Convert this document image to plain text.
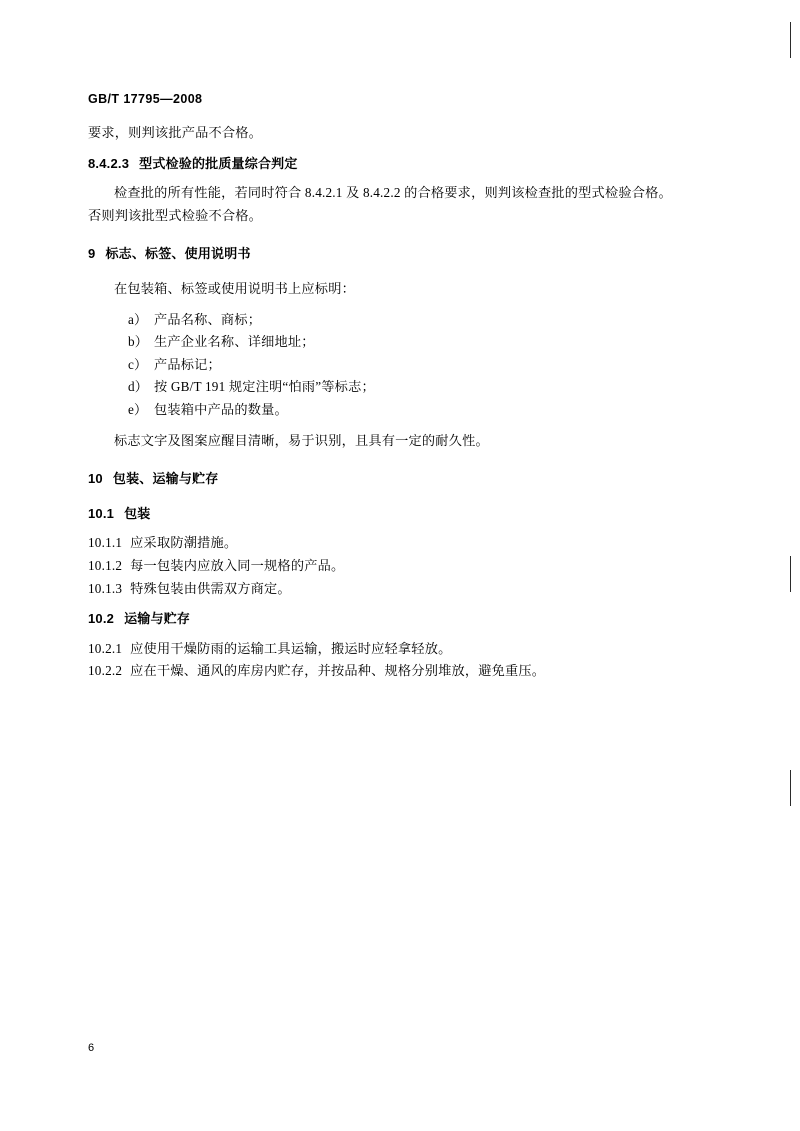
GB/T 17795—2008

要求，则判该批产品不合格。

8.4.2.3 型式检验的批质量综合判定

检查批的所有性能，若同时符合 8.4.2.1 及 8.4.2.2 的合格要求，则判该检查批的型式检验合格。

否则判该批型式检验不合格。

9 标志、标签、使用说明书

在包装箱、标签或使用说明书上应标明：

a） 产品名称、商标；

b） 生产企业名称、详细地址；

c） 产品标记；

d） 按 GB/T 191 规定注明“怕雨”等标志；

e） 包装箱中产品的数量。

标志文字及图案应醒目清晰，易于识别，且具有一定的耐久性。

10 包装、运输与贮存

10.1 包装

10.1.1 应采取防潮措施。

10.1.2 每一包装内应放入同一规格的产品。

10.1.3 特殊包装由供需双方商定。

10.2 运输与贮存

10.2.1 应使用干燥防雨的运输工具运输，搬运时应轻拿轻放。

10.2.2 应在干燥、通风的库房内贮存，并按品种、规格分别堆放，避免重压。

6
